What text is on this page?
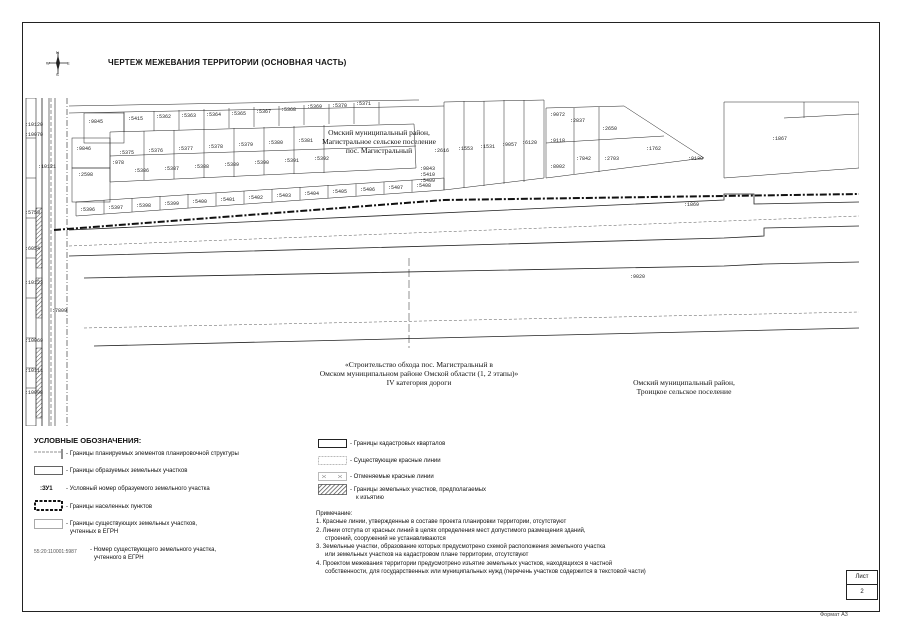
N
S
W	E	ЧЕРТЕЖ МЕЖЕВАНИЯ ТЕРРИТОРИИ (ОСНОВНАЯ ЧАСТЬ)
:9845	:5415	:5362 :5363 :5364 :5365 :5367 :5368 :5369 :5370 :5371
:9846
:5375	:5376	:5377	:5378	:5379	:5380	:5381
:978
:5386	:5387	:5388	:5389	:5390	:5391	:5392
:5396	:5397	:5398	:5399	:5400	:5401	:5402	:5403	:5404	:5405	:5406	:5407	:5408
:5409
:5410
:9843
:2598
:2616 :1553 :1531 :9057 :6120
:9072
:2837
:2650
:1762
:9130
:9118
:8002
:7842	:2703
:1867
:1869
:9020
:5753
:10121
:10120
:10070
:6054
:7809
:10123
:10069
:10111
:10098
Омский муниципальный район,
Магистральное сельское поселение
пос. Магистральный
«Строительство обхода пос. Магистральный в
Омском муниципальном районе Омской области (1, 2 этапы)»
IV категория дороги	Омский муниципальный район,
Троицкое сельское поселение
УСЛОВНЫЕ ОБОЗНАЧЕНИЯ:
- Границы планируемых элементов планировочной структуры
- Границы образуемых земельных участков
:ЗУ1 - Условный номер образуемого земельного участка
- Границы населенных пунктов
- Границы существующих земельных участков,
учтенных в ЕГРН
55:20:110001:5987 - Номер существующего земельного участка,
учтенного в ЕГРН
- Границы кадастровых кварталов
- Существующие красные линии
- Отменяемые красные линии
- Границы земельных участков, предполагаемых
к изъятию
Примечание:
1. Красные линии, утвержденные в составе проекта планировки территории, отсутствуют
2. Линии отступа от красных линий в целях определения мест допустимого размещения зданий,
строений, сооружений не устанавливаются
3. Земельные участки, образование которых предусмотрено схемой расположения земельного участка
или земельных участков на кадастровом плане территории, отсутствуют
4. Проектом межевания территории предусмотрено изъятие земельных участков, находящихся в частной
собственности, для государственных или муниципальных нужд (перечень участков содержится в текстовой части)
Лист
2
Формат А3
